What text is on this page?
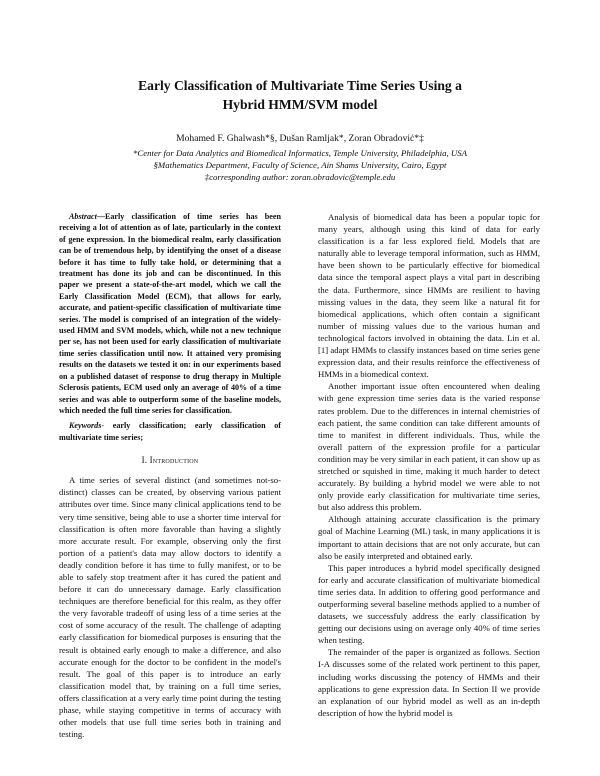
Early Classification of Multivariate Time Series Using a
Hybrid HMM/SVM model
Mohamed F. Ghalwash*§, Dušan Ramljak*, Zoran Obradović*‡
*Center for Data Analytics and Biomedical Informatics, Temple University, Philadelphia, USA
§Mathematics Department, Faculty of Science, Ain Shams University, Cairo, Egypt
‡corresponding author: zoran.obradovic@temple.edu

Abstract—Early classification of time series has been receiving a lot of attention as of late, particularly in the context of gene expression. In the biomedical realm, early classification can be of tremendous help, by identifying the onset of a disease before it has time to fully take hold, or determining that a treatment has done its job and can be discontinued. In this paper we present a state-of-the-art model, which we call the Early Classification Model (ECM), that allows for early, accurate, and patient-specific classification of multivariate time series. The model is comprised of an integration of the widely-used HMM and SVM models, which, while not a new technique per se, has not been used for early classification of multivariate time series classification until now. It attained very promising results on the datasets we tested it on: in our experiments based on a published dataset of response to drug therapy in Multiple Sclerosis patients, ECM used only an average of 40% of a time series and was able to outperform some of the baseline models, which needed the full time series for classification.

Keywords- early classification; early classification of multivariate time series;

I. Introduction

A time series of several distinct (and sometimes not-so-distinct) classes can be created, by observing various patient attributes over time. Since many clinical applications tend to be very time sensitive, being able to use a shorter time interval for classification is often more favorable than having a slightly more accurate result. For example, observing only the first portion of a patient's data may allow doctors to identify a deadly condition before it has time to fully manifest, or to be able to safely stop treatment after it has cured the patient and before it can do unnecessary damage. Early classification techniques are therefore beneficial for this realm, as they offer the very favorable tradeoff of using less of a time series at the cost of some accuracy of the result. The challenge of adapting early classification for biomedical purposes is ensuring that the result is obtained early enough to make a difference, and also accurate enough for the doctor to be confident in the model's result. The goal of this paper is to introduce an early classification model that, by training on a full time series, offers classification at a very early time point during the testing phase, while staying competitive in terms of accuracy with other models that use full time series both in training and testing.

Analysis of biomedical data has been a popular topic for many years, although using this kind of data for early classification is a far less explored field. Models that are naturally able to leverage temporal information, such as HMM, have been shown to be particularly effective for biomedical data since the temporal aspect plays a vital part in describing the data. Furthermore, since HMMs are resilient to having missing values in the data, they seem like a natural fit for biomedical applications, which often contain a significant number of missing values due to the various human and technological factors involved in obtaining the data. Lin et al. [1] adapt HMMs to classify instances based on time series gene expression data, and their results reinforce the effectiveness of HMMs in a biomedical context.

Another important issue often encountered when dealing with gene expression time series data is the varied response rates problem. Due to the differences in internal chemistries of each patient, the same condition can take different amounts of time to manifest in different individuals. Thus, while the overall pattern of the expression profile for a particular condition may be very similar in each patient, it can show up as stretched or squished in time, making it much harder to detect accurately. By building a hybrid model we were able to not only provide early classification for multivariate time series, but also address this problem.

Although attaining accurate classification is the primary goal of Machine Learning (ML) task, in many applications it is important to attain decisions that are not only accurate, but can also be easily interpreted and obtained early.

This paper introduces a hybrid model specifically designed for early and accurate classification of multivariate biomedical time series data. In addition to offering good performance and outperforming several baseline methods applied to a number of datasets, we successfuly address the early classification by getting our decisions using on average only 40% of time series when testing.

The remainder of the paper is organized as follows. Section I-A discusses some of the related work pertinent to this paper, including works discussing the potency of HMMs and their applications to gene expression data. In Section II we provide an explanation of our hybrid model as well as an in-depth description of how the hybrid model is
